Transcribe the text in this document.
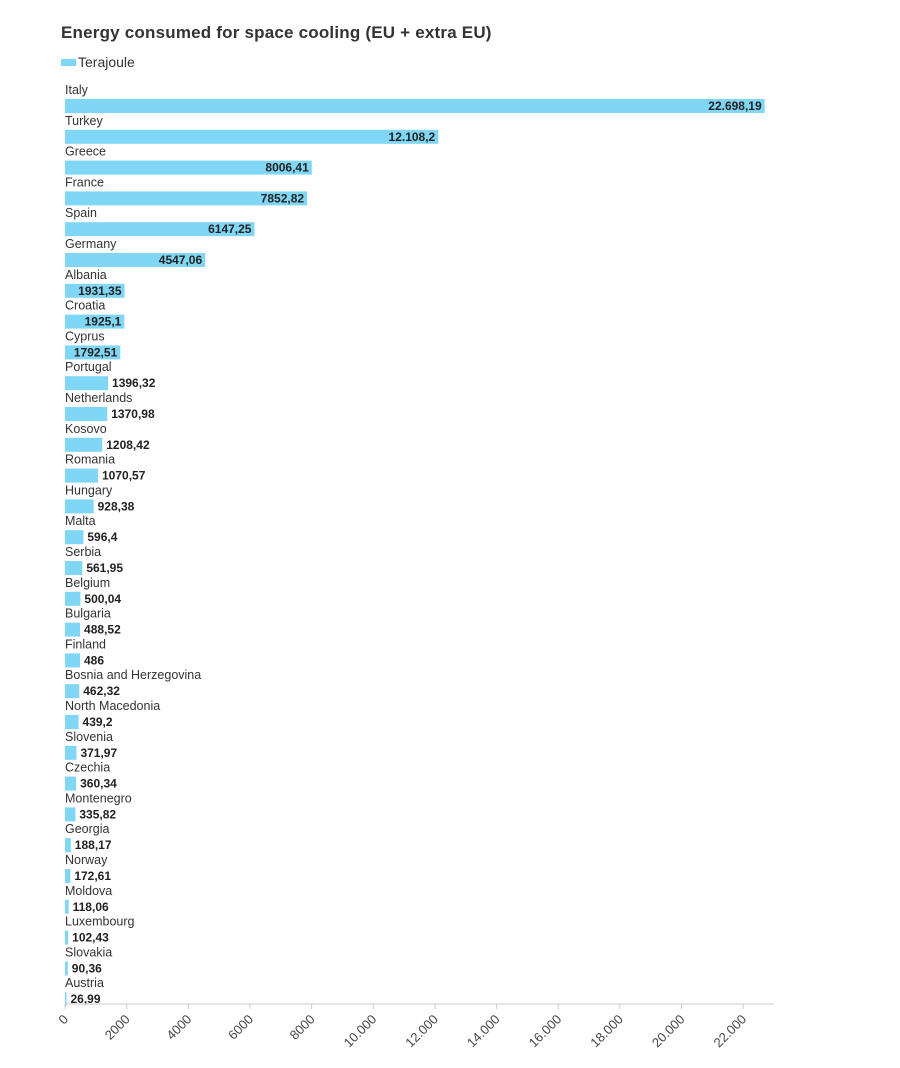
Energy consumed for space cooling (EU + extra EU)
Terajoule
Italy
22.698,19
Turkey
12.108,2
Greece
8006,41
France
7852,82
Spain
6147,25
Germany
4547,06
Albania
1931,35
Croatia
1925,1
Cyprus
1792,51
Portugal
1396,32
Netherlands
1370,98
Kosovo
1208,42
Romania
1070,57
Hungary
928,38
Malta
596,4
Serbia
561,95
Belgium
500,04
Bulgaria
488,52
Finland
486
Bosnia and Herzegovina
462,32
North Macedonia
439,2
Slovenia
371,97
Czechia
360,34
Montenegro
335,82
Georgia
188,17
Norway
172,61
Moldova
118,06
Luxembourg
102,43
Slovakia
90,36
Austria
26,99
0 2000 4000 6000 8000 10.000 12.000 14.000 16.000 18.000 20.000 22.000
